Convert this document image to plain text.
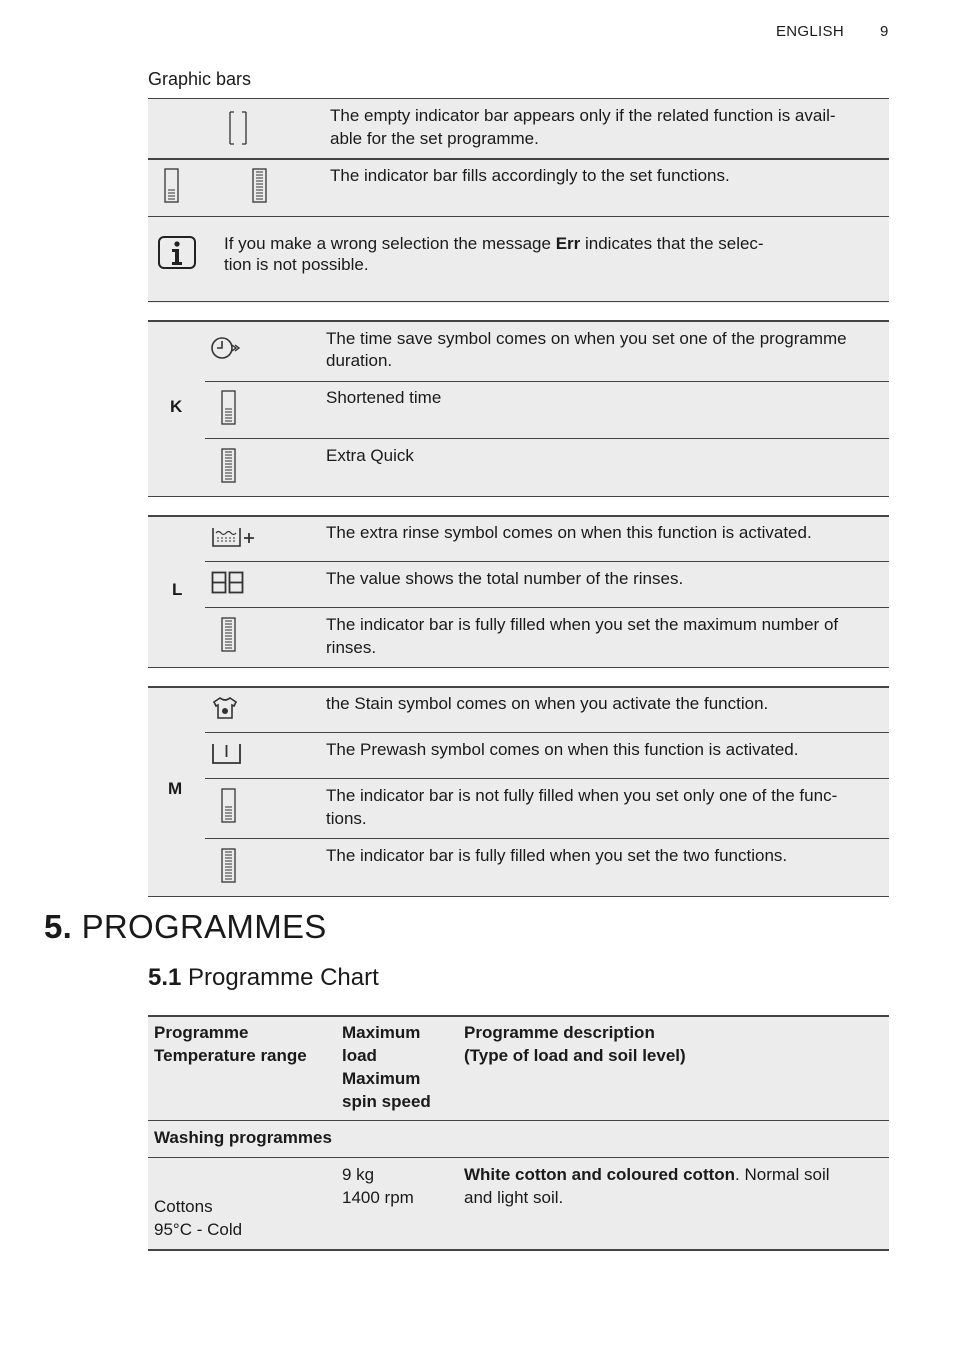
ENGLISH 9
Graphic bars
The empty indicator bar appears only if the related function is avail-
able for the set programme.
The indicator bar fills accordingly to the set functions.
If you make a wrong selection the message Err indicates that the selec-
tion is not possible.
K
The time save symbol comes on when you set one of the programme
duration.
Shortened time
Extra Quick
L
The extra rinse symbol comes on when this function is activated.
The value shows the total number of the rinses.
The indicator bar is fully filled when you set the maximum number of
rinses.
M
the Stain symbol comes on when you activate the function.
The Prewash symbol comes on when this function is activated.
The indicator bar is not fully filled when you set only one of the func-
tions.
The indicator bar is fully filled when you set the two functions.
5. PROGRAMMES
5.1 Programme Chart
Programme
Temperature range
Maximum
load
Maximum
spin speed
Programme description
(Type of load and soil level)
Washing programmes
Cottons
95°C - Cold
9 kg
1400 rpm
White cotton and coloured cotton. Normal soil
and light soil.
